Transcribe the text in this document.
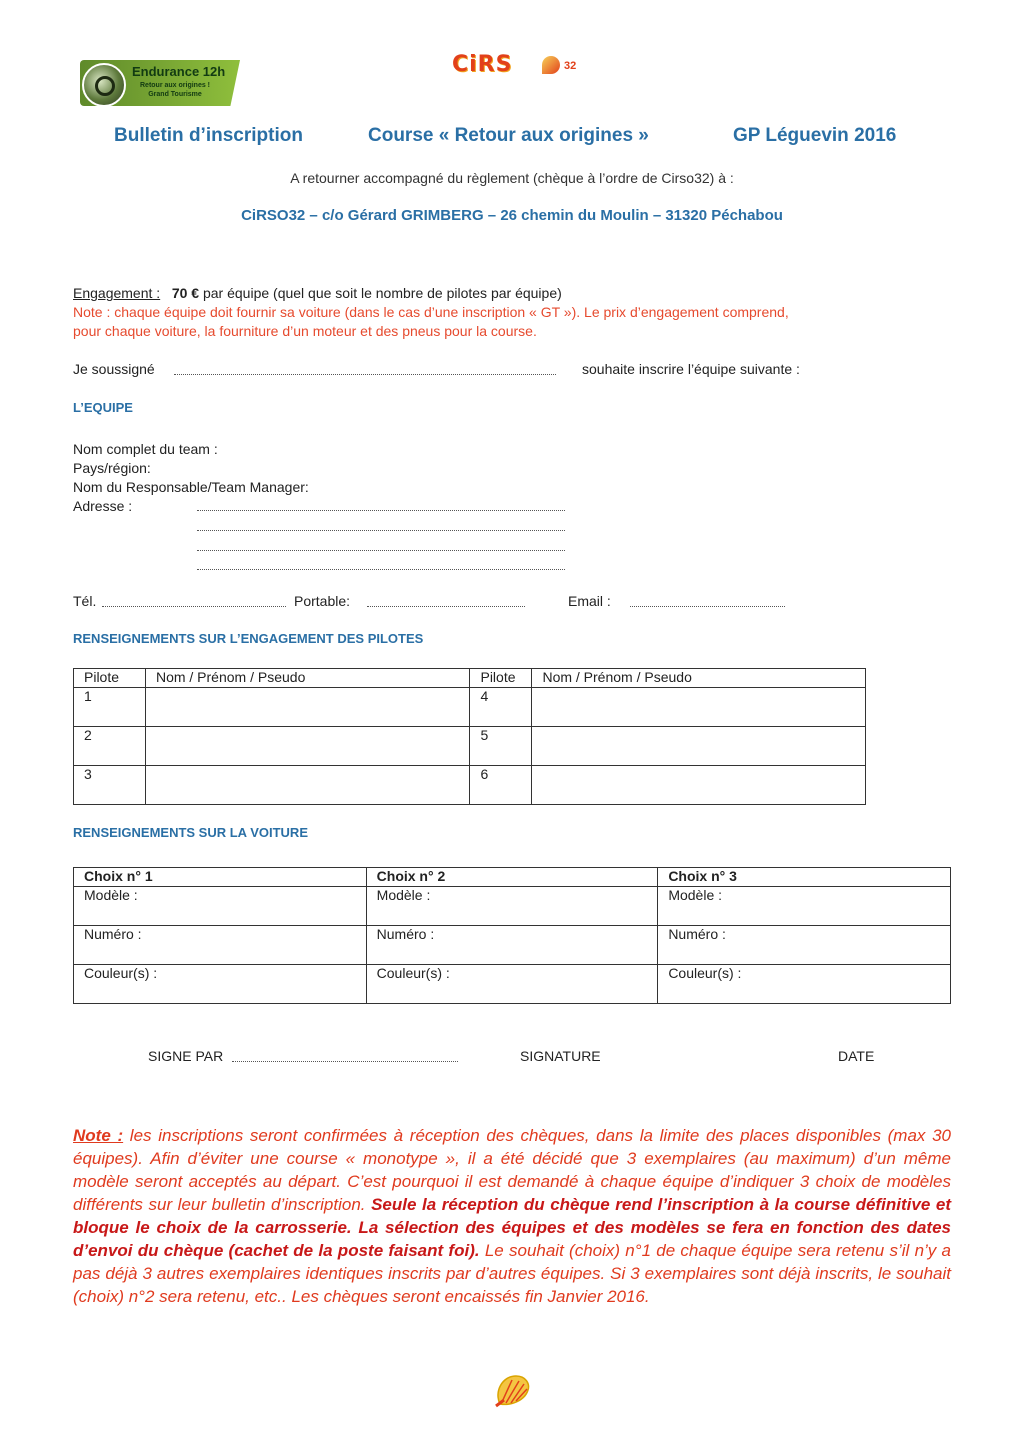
Endurance 12h
Retour aux origines !
Grand Tourisme
CiRS	32
Bulletin d’inscription	Course « Retour aux origines »	GP Léguevin 2016
A retourner accompagné du règlement (chèque à l’ordre de Cirso32) à :
CiRSO32 – c/o Gérard GRIMBERG – 26 chemin du Moulin – 31320 Péchabou
Engagement : 70 € par équipe (quel que soit le nombre de pilotes par équipe)
Note : chaque équipe doit fournir sa voiture (dans le cas d’une inscription « GT »). Le prix d’engagement comprend,
pour chaque voiture, la fourniture d’un moteur et des pneus pour la course.
Je soussigné	souhaite inscrire l’équipe suivante :
L’EQUIPE
Nom complet du team :
Pays/région:
Nom du Responsable/Team Manager:
Adresse :
Tél.	Portable:	Email :
RENSEIGNEMENTS SUR L’ENGAGEMENT DES PILOTES
Pilote	Nom / Prénom / Pseudo	Pilote	Nom / Prénom / Pseudo
1		4	
2		5	
3		6	
RENSEIGNEMENTS SUR LA VOITURE
Choix n° 1	Choix n° 2	Choix n° 3
Modèle :	Modèle :	Modèle :
Numéro :	Numéro :	Numéro :
Couleur(s) :	Couleur(s) :	Couleur(s) :
SIGNE PAR	SIGNATURE	DATE
Note : les inscriptions seront confirmées à réception des chèques, dans la limite des places disponibles (max 30 équipes). Afin d’éviter une course « monotype », il a été décidé que 3 exemplaires (au maximum) d’un même modèle seront acceptés au départ. C’est pourquoi il est demandé à chaque équipe d’indiquer 3 choix de modèles différents sur leur bulletin d’inscription. Seule la réception du chèque rend l’inscription à la course définitive et bloque le choix de la carrosserie. La sélection des équipes et des modèles se fera en fonction des dates d’envoi du chèque (cachet de la poste faisant foi). Le souhait (choix) n°1 de chaque équipe sera retenu s’il n’y a pas déjà 3 autres exemplaires identiques inscrits par d’autres équipes. Si 3 exemplaires sont déjà inscrits, le souhait (choix) n°2 sera retenu, etc.. Les chèques seront encaissés fin Janvier 2016.
